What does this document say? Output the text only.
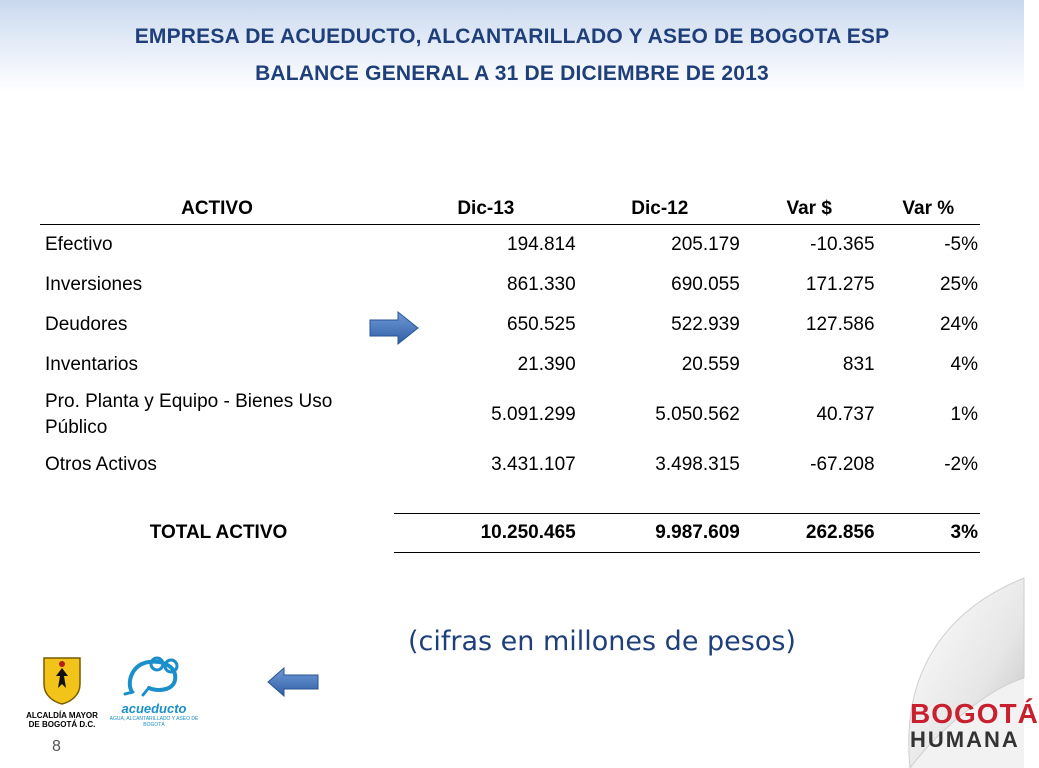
EMPRESA DE ACUEDUCTO, ALCANTARILLADO Y ASEO DE BOGOTA ESP
BALANCE GENERAL A 31 DE DICIEMBRE DE 2013
ACTIVO	Dic-13	Dic-12	Var $	Var %
Efectivo	194.814	205.179	-10.365	-5%
Inversiones	861.330	690.055	171.275	25%
Deudores	650.525	522.939	127.586	24%
Inventarios	21.390	20.559	831	4%
Pro. Planta y Equipo - Bienes Uso Público	5.091.299	5.050.562	40.737	1%
Otros Activos	3.431.107	3.498.315	-67.208	-2%

TOTAL ACTIVO	10.250.465	9.987.609	262.856	3%
(cifras en millones de pesos)
ALCALDÍA MAYOR DE BOGOTÁ D.C.
acueducto
AGUA, ALCANTARILLADO Y ASEO DE BOGOTÁ
8
BOGOTÁ
HUMANA
